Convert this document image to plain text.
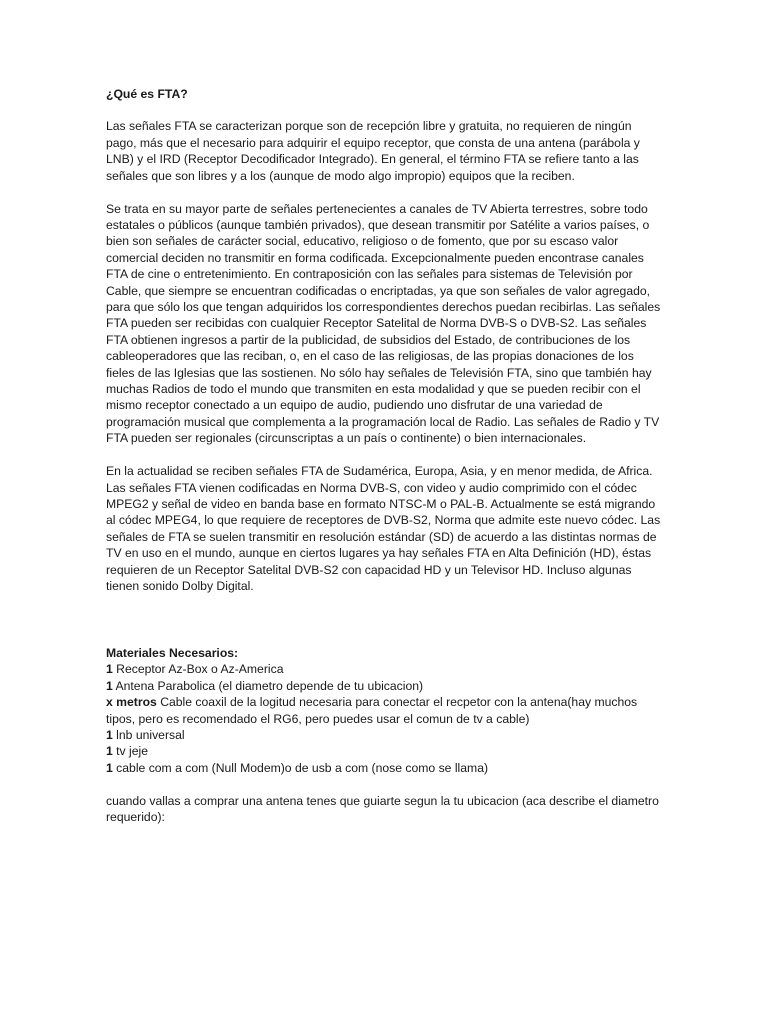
¿Qué es FTA?

Las señales FTA se caracterizan porque son de recepción libre y gratuita, no requieren de ningún pago, más que el necesario para adquirir el equipo receptor, que consta de una antena (parábola y LNB) y el IRD (Receptor Decodificador Integrado). En general, el término FTA se refiere tanto a las señales que son libres y a los (aunque de modo algo impropio) equipos que la reciben.

Se trata en su mayor parte de señales pertenecientes a canales de TV Abierta terrestres, sobre todo estatales o públicos (aunque también privados), que desean transmitir por Satélite a varios países, o bien son señales de carácter social, educativo, religioso o de fomento, que por su escaso valor comercial deciden no transmitir en forma codificada. Excepcionalmente pueden encontrase canales FTA de cine o entretenimiento. En contraposición con las señales para sistemas de Televisión por Cable, que siempre se encuentran codificadas o encriptadas, ya que son señales de valor agregado, para que sólo los que tengan adquiridos los correspondientes derechos puedan recibirlas. Las señales FTA pueden ser recibidas con cualquier Receptor Satelital de Norma DVB-S o DVB-S2. Las señales FTA obtienen ingresos a partir de la publicidad, de subsidios del Estado, de contribuciones de los cableoperadores que las reciban, o, en el caso de las religiosas, de las propias donaciones de los fieles de las Iglesias que las sostienen. No sólo hay señales de Televisión FTA, sino que también hay muchas Radios de todo el mundo que transmiten en esta modalidad y que se pueden recibir con el mismo receptor conectado a un equipo de audio, pudiendo uno disfrutar de una variedad de programación musical que complementa a la programación local de Radio. Las señales de Radio y TV FTA pueden ser regionales (circunscriptas a un país o continente) o bien internacionales.

En la actualidad se reciben señales FTA de Sudamérica, Europa, Asia, y en menor medida, de Africa. Las señales FTA vienen codificadas en Norma DVB-S, con video y audio comprimido con el códec MPEG2 y señal de video en banda base en formato NTSC-M o PAL-B. Actualmente se está migrando al códec MPEG4, lo que requiere de receptores de DVB-S2, Norma que admite este nuevo códec. Las señales de FTA se suelen transmitir en resolución estándar (SD) de acuerdo a las distintas normas de TV en uso en el mundo, aunque en ciertos lugares ya hay señales FTA en Alta Definición (HD), éstas requieren de un Receptor Satelital DVB-S2 con capacidad HD y un Televisor HD. Incluso algunas tienen sonido Dolby Digital.

Materiales Necesarios:

1 Receptor Az-Box o Az-America
1 Antena Parabolica (el diametro depende de tu ubicacion)
x metros Cable coaxil de la logitud necesaria para conectar el recpetor con la antena(hay muchos tipos, pero es recomendado el RG6, pero puedes usar el comun de tv a cable)
1 lnb universal
1 tv jeje
1 cable com a com (Null Modem)o de usb a com (nose como se llama)

cuando vallas a comprar una antena tenes que guiarte segun la tu ubicacion (aca describe el diametro requerido):
